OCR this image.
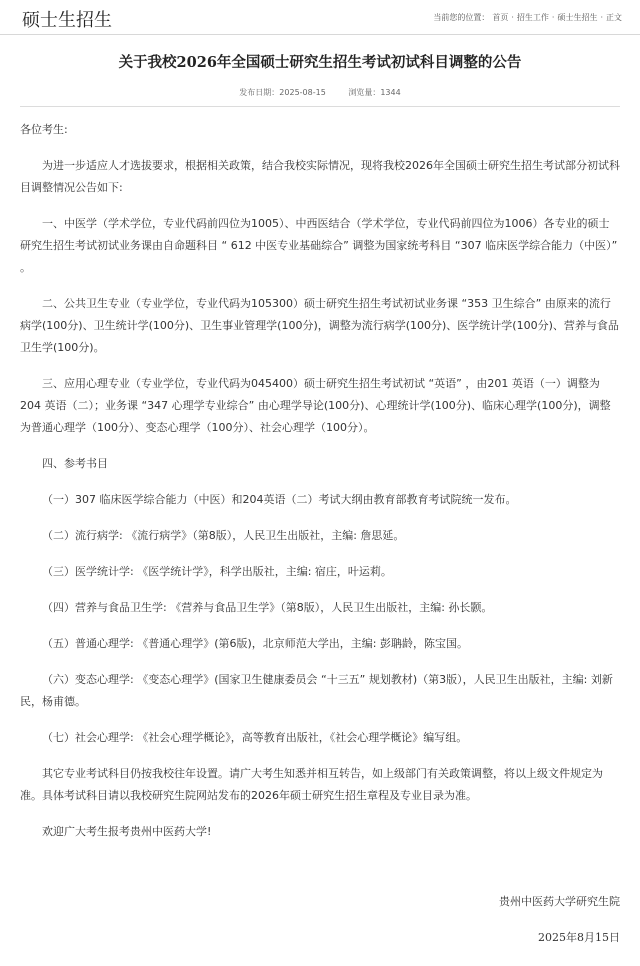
硕士生招生	当前您的位置： 首页 · 招生工作 · 硕士生招生 · 正文
关于我校2026年全国硕士研究生招生考试初试科目调整的公告
发布日期：2025-08-15	浏览量：1344

各位考生:

为进一步适应人才选拔要求，根据相关政策，结合我校实际情况，现将我校2026年全国硕士研究生招生考试部分初试科目调整情况公告如下:

一、中医学（学术学位，专业代码前四位为1005）、中西医结合（学术学位，专业代码前四位为1006）各专业的硕士研究生招生考试初试业务课由自命题科目 “ 612 中医专业基础综合” 调整为国家统考科目 “307 临床医学综合能力（中医）” 。

二、公共卫生专业（专业学位，专业代码为105300）硕士研究生招生考试初试业务课 “353 卫生综合” 由原来的流行病学(100分)、卫生统计学(100分)、卫生事业管理学(100分)，调整为流行病学(100分)、医学统计学(100分)、营养与食品卫生学(100分)。

三、应用心理专业（专业学位，专业代码为045400）硕士研究生招生考试初试 “英语” ，由201 英语（一）调整为204 英语（二）；业务课 “347 心理学专业综合” 由心理学导论(100分)、心理统计学(100分)、临床心理学(100分)，调整为普通心理学（100分）、变态心理学（100分）、社会心理学（100分）。

四、参考书目

（一）307 临床医学综合能力（中医）和204英语（二）考试大纲由教育部教育考试院统一发布。

（二）流行病学: 《流行病学》（第8版），人民卫生出版社，主编: 詹思延。

（三）医学统计学: 《医学统计学》，科学出版社，主编: 宿庄，叶运莉。

（四）营养与食品卫生学: 《营养与食品卫生学》（第8版），人民卫生出版社，主编: 孙长颢。

（五）普通心理学: 《普通心理学》(第6版)，北京师范大学出，主编: 彭聃龄，陈宝国。

（六）变态心理学: 《变态心理学》(国家卫生健康委员会 “十三五” 规划教材)（第3版），人民卫生出版社，主编: 刘新民，杨甫德。

（七）社会心理学: 《社会心理学概论》，高等教育出版社，《社会心理学概论》编写组。

其它专业考试科目仍按我校往年设置。请广大考生知悉并相互转告，如上级部门有关政策调整，将以上级文件规定为准。具体考试科目请以我校研究生院网站发布的2026年硕士研究生招生章程及专业目录为准。

欢迎广大考生报考贵州中医药大学!

贵州中医药大学研究生院

2025年8月15日
